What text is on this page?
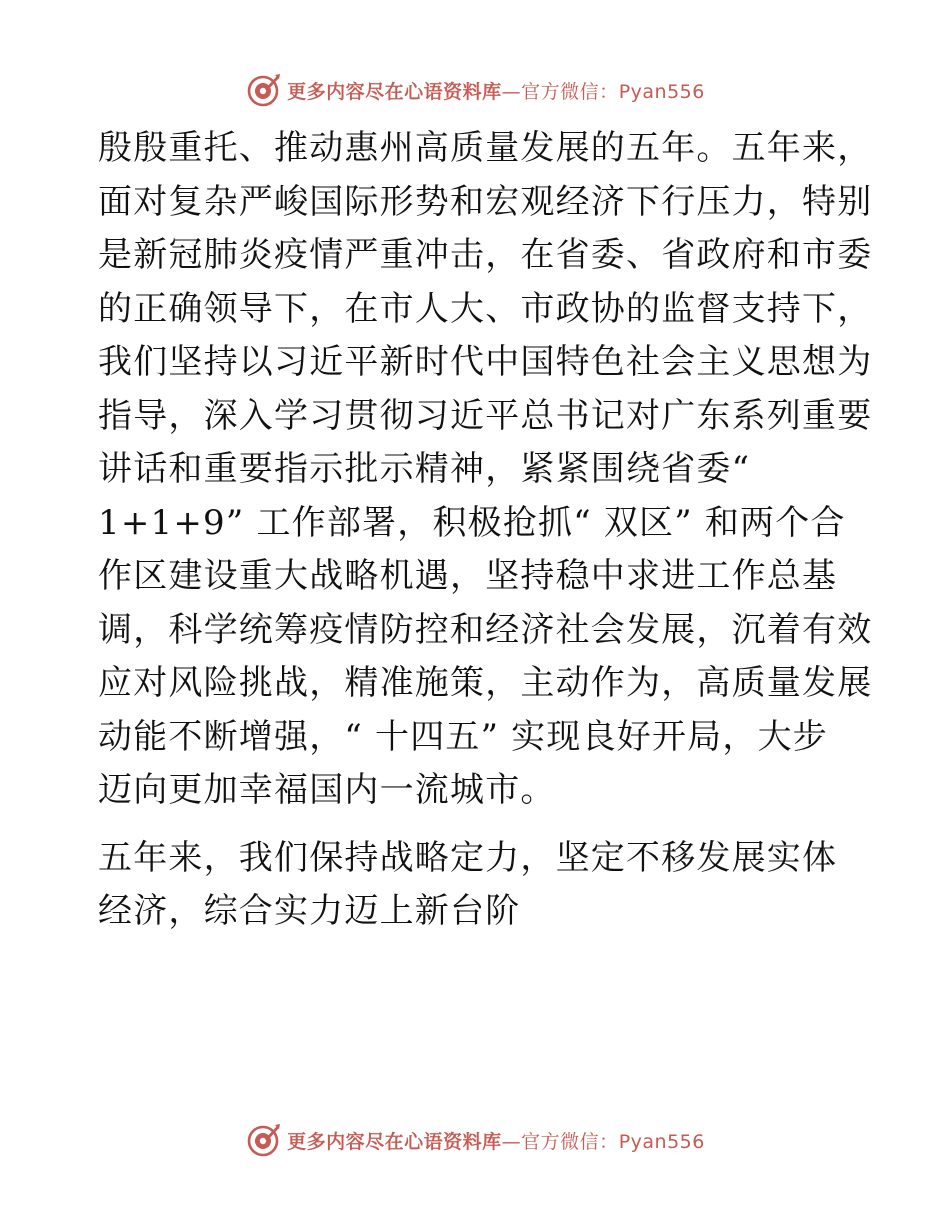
更多内容尽在心语资料库—官方微信：Pyan556
殷殷重托、推动惠州高质量发展的五年。五年来，
面对复杂严峻国际形势和宏观经济下行压力，特别
是新冠肺炎疫情严重冲击，在省委、省政府和市委
的正确领导下，在市人大、市政协的监督支持下，
我们坚持以习近平新时代中国特色社会主义思想为
指导，深入学习贯彻习近平总书记对广东系列重要
讲话和重要指示批示精神，紧紧围绕省委“
1+1+9” 工作部署，积极抢抓“ 双区” 和两个合
作区建设重大战略机遇，坚持稳中求进工作总基
调，科学统筹疫情防控和经济社会发展，沉着有效
应对风险挑战，精准施策，主动作为，高质量发展
动能不断增强，“ 十四五” 实现良好开局，大步
迈向更加幸福国内一流城市。
五年来，我们保持战略定力，坚定不移发展实体
经济，综合实力迈上新台阶
更多内容尽在心语资料库—官方微信：Pyan556
